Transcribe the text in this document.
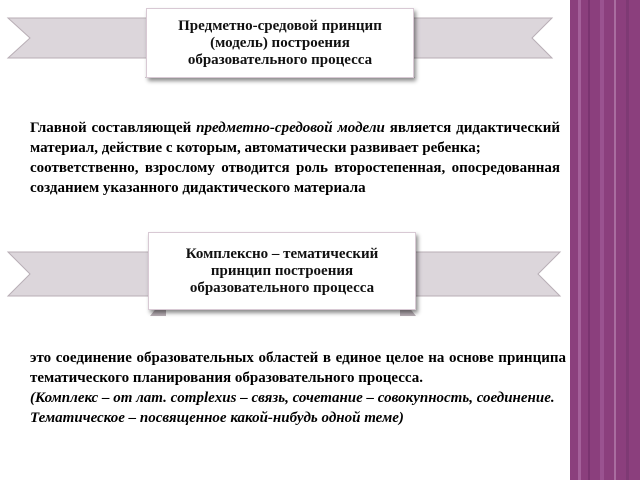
Предметно-средовой принцип
(модель) построения
образовательного процесса

Главной составляющей предметно-средовой модели является дидактический материал, действие с которым, автоматически развивает ребенка;

соответственно, взрослому отводится роль второстепенная, опосредованная созданием указанного дидактического материала

Комплексно – тематический
принцип построения
образовательного процесса

это соединение образовательных областей в единое целое на основе принципа тематического планирования образовательного процесса.

(Комплекс – от лат. complexus – связь, сочетание – совокупность, соединение.

Тематическое – посвященное какой-нибудь одной теме)
